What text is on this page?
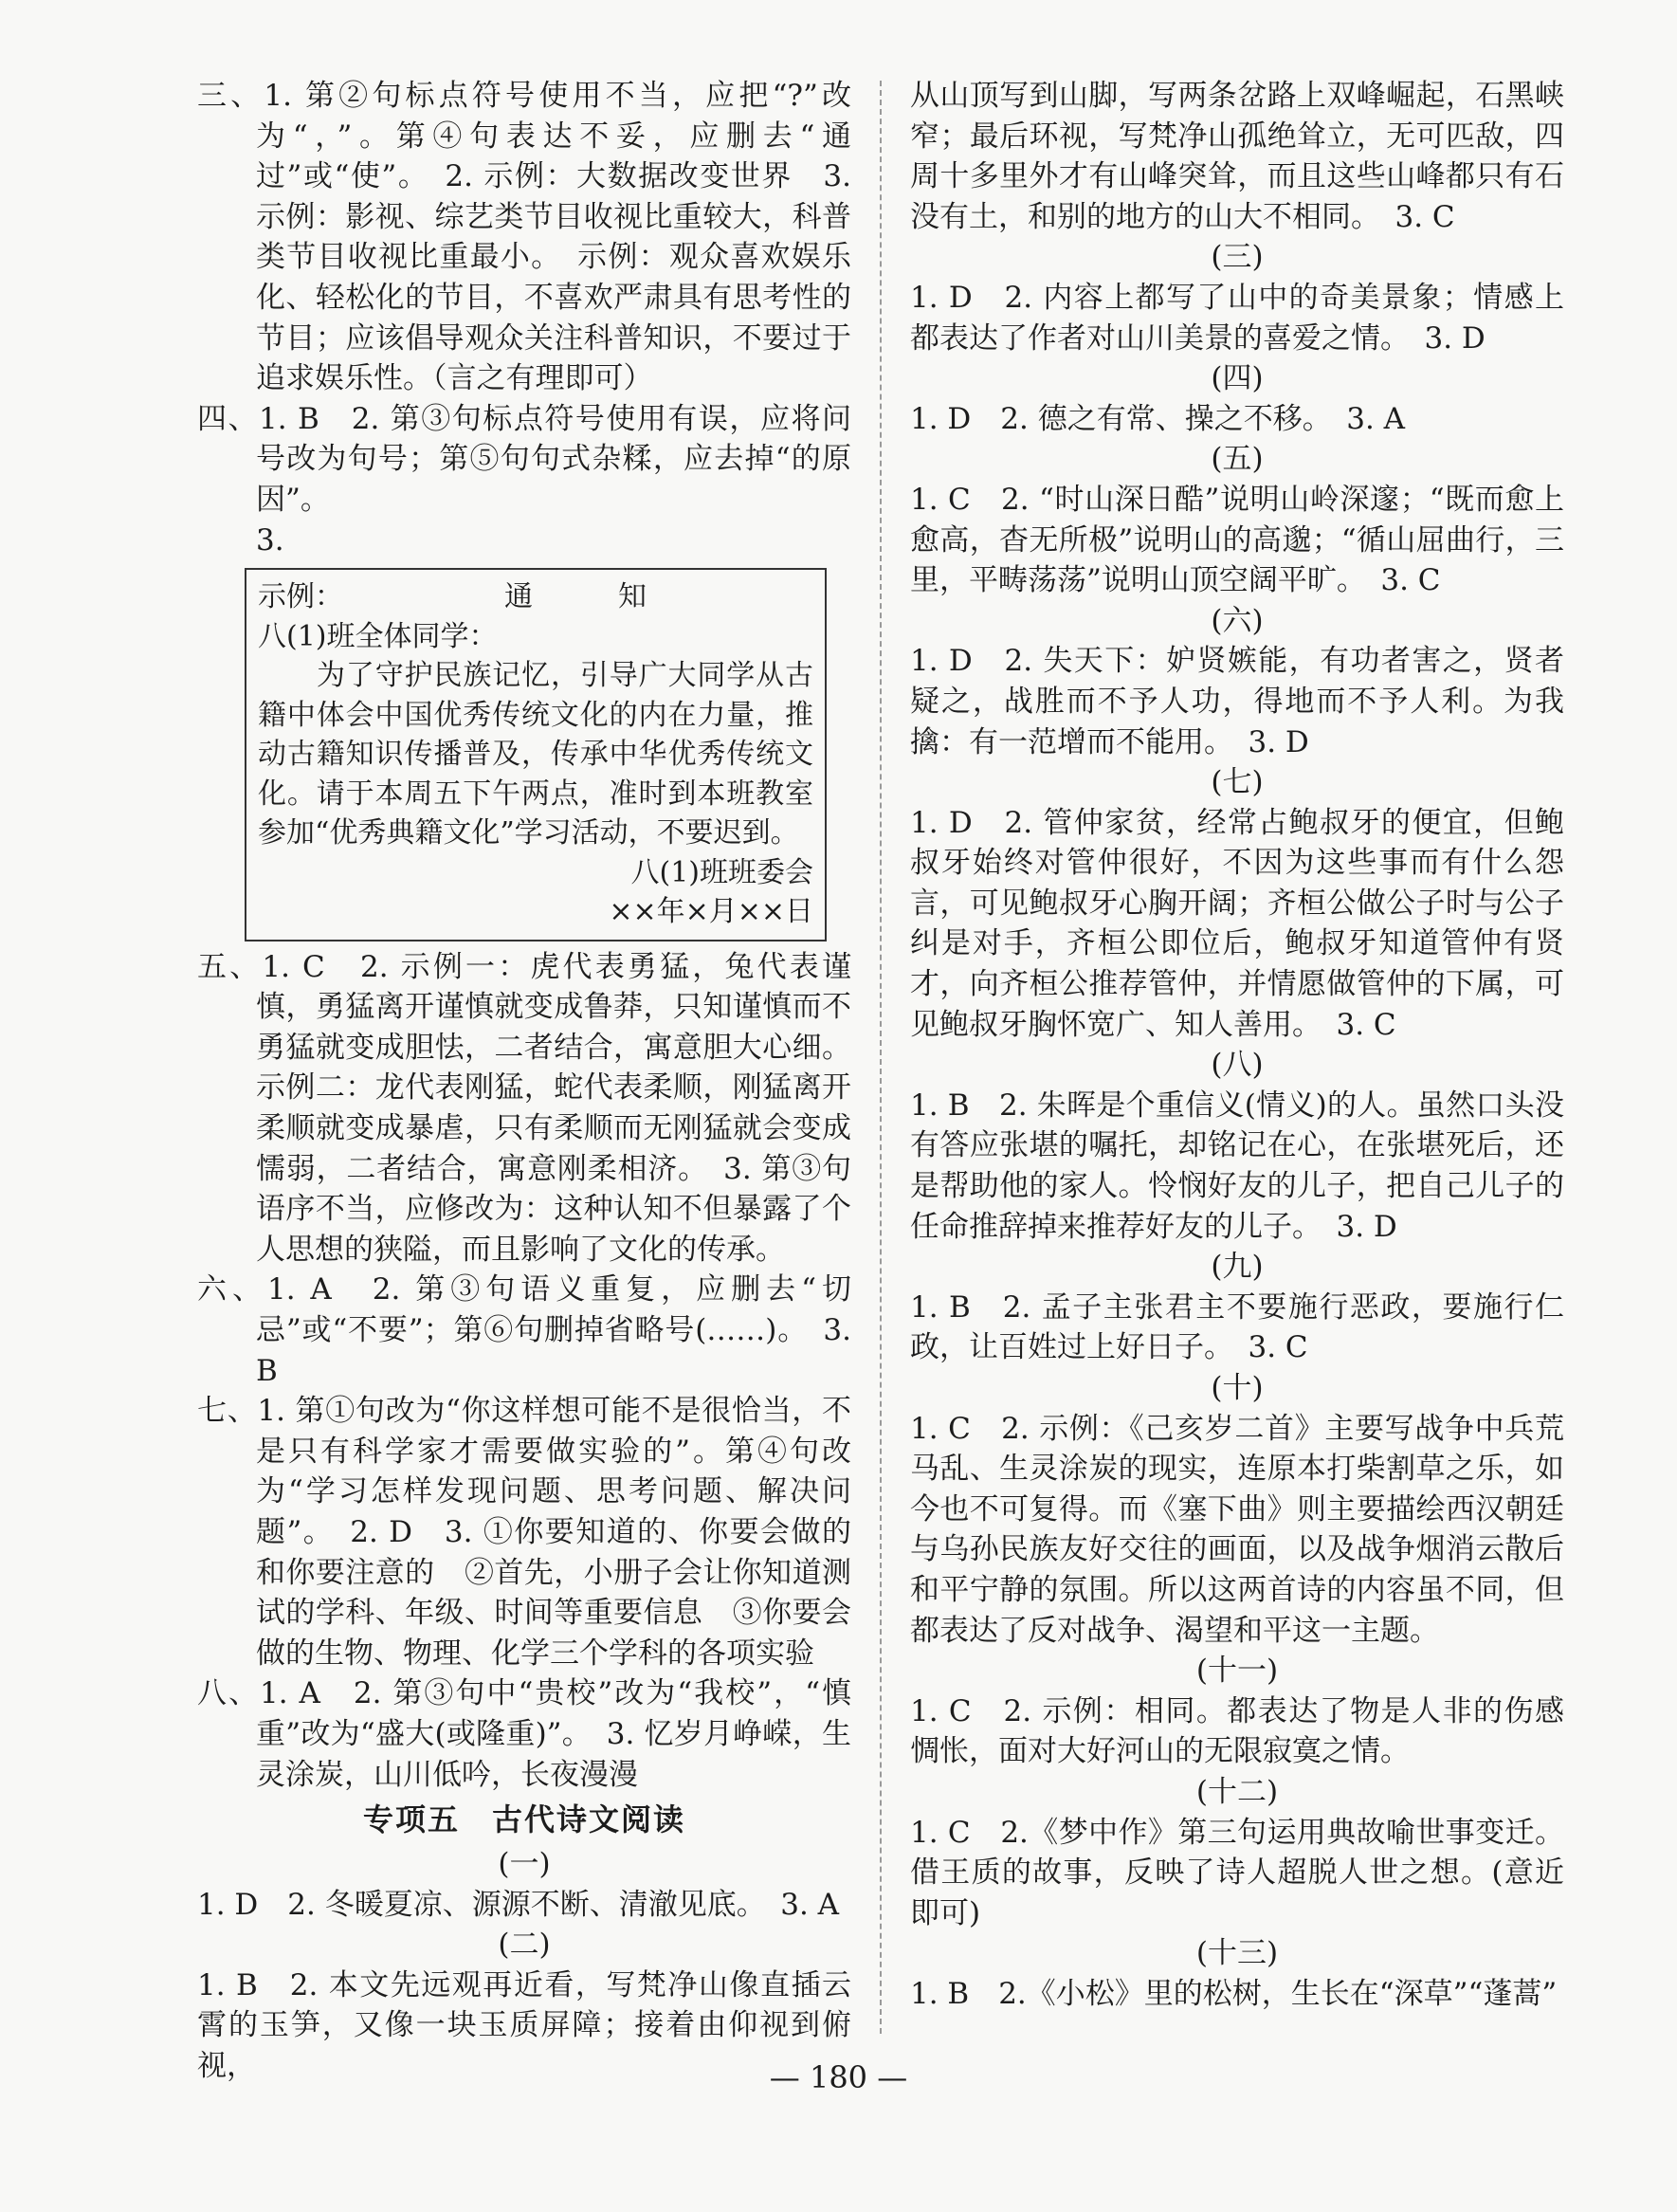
三、1. 第②句标点符号使用不当，应把“?”改为“，”。第④句表达不妥，应删去“通过”或“使”。　2. 示例：大数据改变世界　3. 示例：影视、综艺类节目收视比重较大，科普类节目收视比重最小。　示例：观众喜欢娱乐化、轻松化的节目，不喜欢严肃具有思考性的节目；应该倡导观众关注科普知识，不要过于追求娱乐性。（言之有理即可）

四、1. B　2. 第③句标点符号使用有误，应将问号改为句号；第⑤句句式杂糅，应去掉“的原因”。

3.

示例：	通　知

八(1)班全体同学：

为了守护民族记忆，引导广大同学从古籍中体会中国优秀传统文化的内在力量，推动古籍知识传播普及，传承中华优秀传统文化。请于本周五下午两点，准时到本班教室参加“优秀典籍文化”学习活动，不要迟到。

八(1)班班委会

××年×月××日

五、1. C　2. 示例一：虎代表勇猛，兔代表谨慎，勇猛离开谨慎就变成鲁莽，只知谨慎而不勇猛就变成胆怯，二者结合，寓意胆大心细。示例二：龙代表刚猛，蛇代表柔顺，刚猛离开柔顺就变成暴虐，只有柔顺而无刚猛就会变成懦弱，二者结合，寓意刚柔相济。　3. 第③句语序不当，应修改为：这种认知不但暴露了个人思想的狭隘，而且影响了文化的传承。

六、1. A　2. 第③句语义重复，应删去“切忌”或“不要”；第⑥句删掉省略号(……)。　3. B

七、1. 第①句改为“你这样想可能不是很恰当，不是只有科学家才需要做实验的”。第④句改为“学习怎样发现问题、思考问题、解决问题”。　2. D　3. ①你要知道的、你要会做的和你要注意的　②首先，小册子会让你知道测试的学科、年级、时间等重要信息　③你要会做的生物、物理、化学三个学科的各项实验

八、1. A　2. 第③句中“贵校”改为“我校”，“慎重”改为“盛大(或隆重)”。　3. 忆岁月峥嵘，生灵涂炭，山川低吟，长夜漫漫

专项五　古代诗文阅读
(一)

1. D　2. 冬暖夏凉、源源不断、清澈见底。　3. A

(二)

1. B　2. 本文先远观再近看，写梵净山像直插云霄的玉笋，又像一块玉质屏障；接着由仰视到俯视，

从山顶写到山脚，写两条岔路上双峰崛起，石黑峡窄；最后环视，写梵净山孤绝耸立，无可匹敌，四周十多里外才有山峰突耸，而且这些山峰都只有石没有土，和别的地方的山大不相同。　3. C

(三)

1. D　2. 内容上都写了山中的奇美景象；情感上都表达了作者对山川美景的喜爱之情。　3. D

(四)

1. D　2. 德之有常、操之不移。　3. A

(五)

1. C　2. “时山深日酷”说明山岭深邃；“既而愈上愈高，杳无所极”说明山的高邈；“循山屈曲行，三里，平畴荡荡”说明山顶空阔平旷。　3. C

(六)

1. D　2. 失天下：妒贤嫉能，有功者害之，贤者疑之，战胜而不予人功，得地而不予人利。为我擒：有一范增而不能用。　3. D

(七)

1. D　2. 管仲家贫，经常占鲍叔牙的便宜，但鲍叔牙始终对管仲很好，不因为这些事而有什么怨言，可见鲍叔牙心胸开阔；齐桓公做公子时与公子纠是对手，齐桓公即位后，鲍叔牙知道管仲有贤才，向齐桓公推荐管仲，并情愿做管仲的下属，可见鲍叔牙胸怀宽广、知人善用。　3. C

(八)

1. B　2. 朱晖是个重信义(情义)的人。虽然口头没有答应张堪的嘱托，却铭记在心，在张堪死后，还是帮助他的家人。怜悯好友的儿子，把自己儿子的任命推辞掉来推荐好友的儿子。　3. D

(九)

1. B　2. 孟子主张君主不要施行恶政，要施行仁政，让百姓过上好日子。　3. C

(十)

1. C　2. 示例：《己亥岁二首》主要写战争中兵荒马乱、生灵涂炭的现实，连原本打柴割草之乐，如今也不可复得。而《塞下曲》则主要描绘西汉朝廷与乌孙民族友好交往的画面，以及战争烟消云散后和平宁静的氛围。所以这两首诗的内容虽不同，但都表达了反对战争、渴望和平这一主题。

(十一)

1. C　2. 示例：相同。都表达了物是人非的伤感惆怅，面对大好河山的无限寂寞之情。

(十二)

1. C　2.《梦中作》第三句运用典故喻世事变迁。借王质的故事，反映了诗人超脱人世之想。(意近即可)

(十三)

1. B　2.《小松》里的松树，生长在“深草”“蓬蒿”

— 180 —
